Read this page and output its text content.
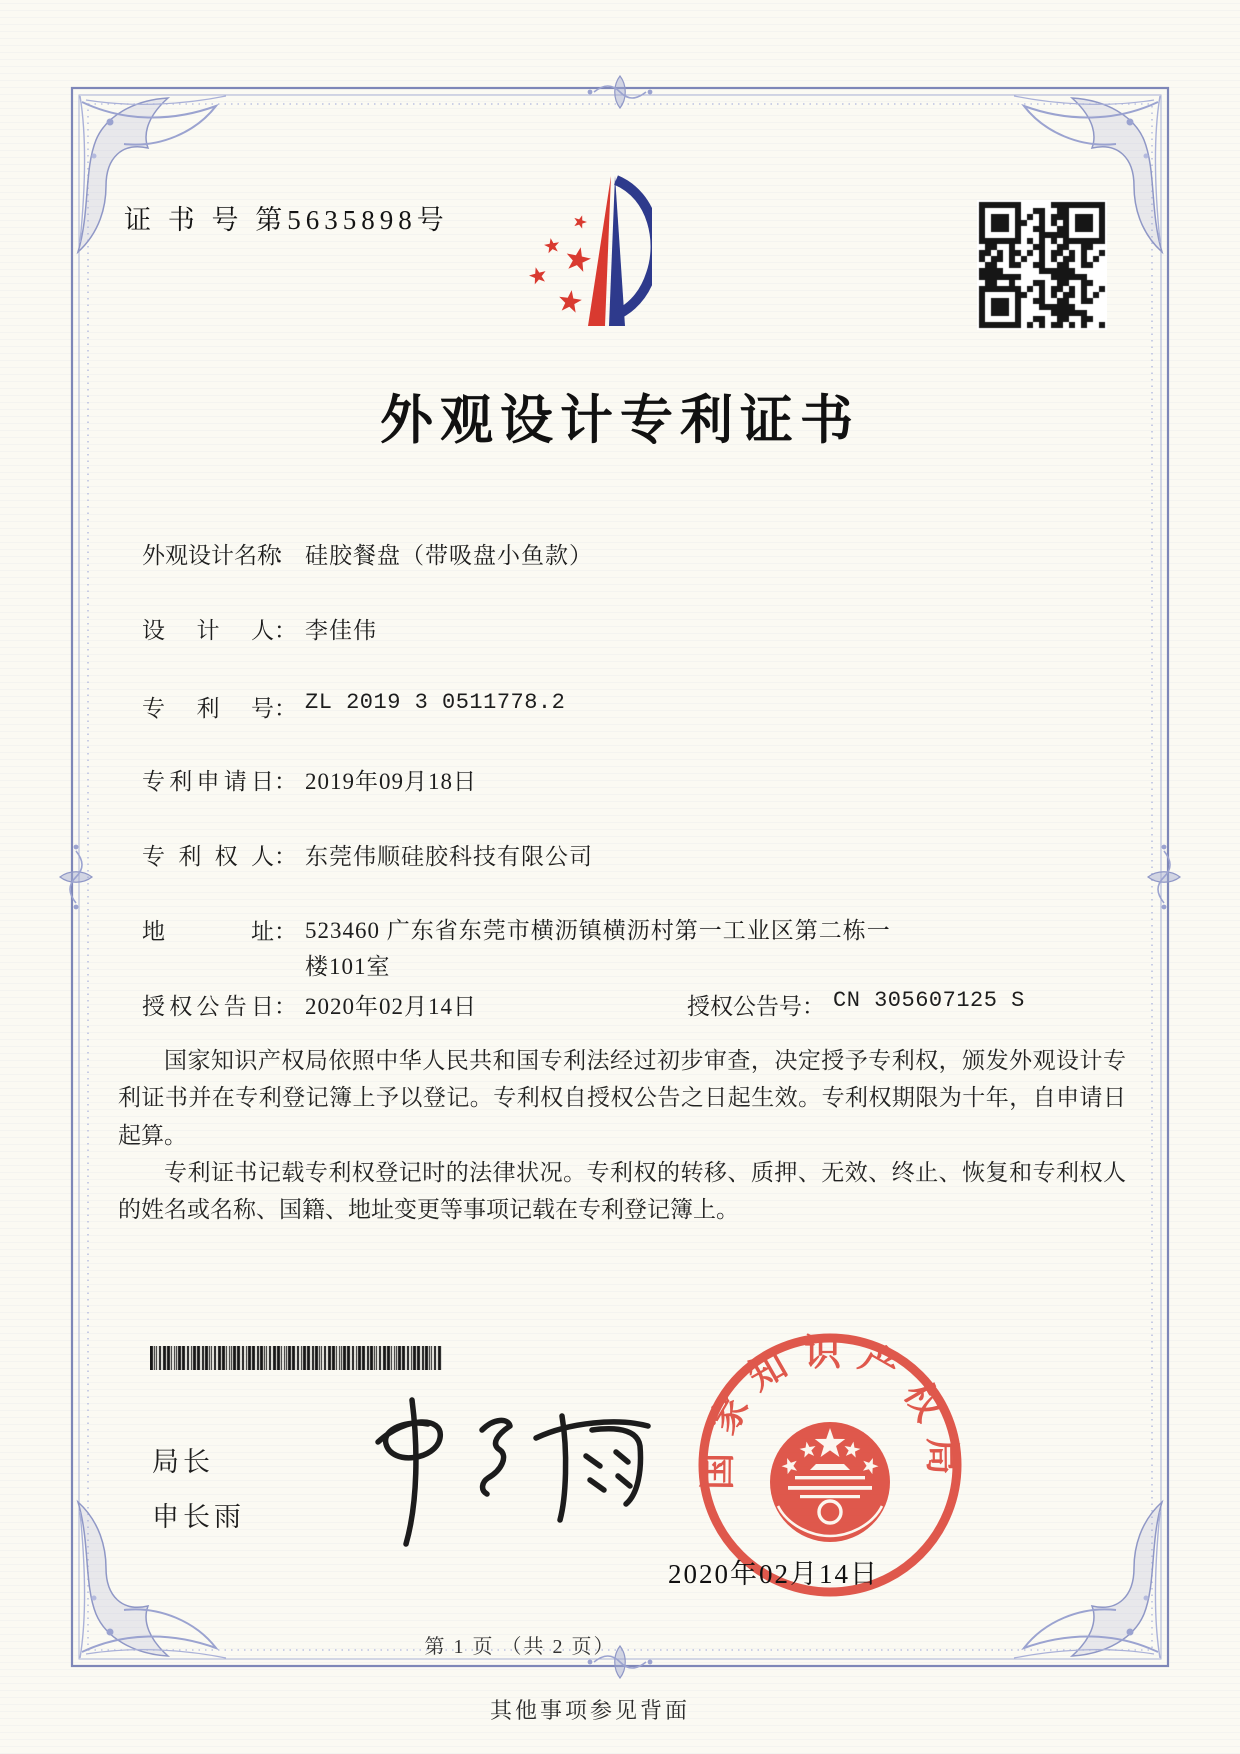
证 书 号 第5635898号
外观设计专利证书
外观设计名称： 硅胶餐盘（带吸盘小鱼款）
设计人： 李佳伟
专利号： ZL 2019 3 0511778.2
专利申请日： 2019年09月18日
专利权人： 东莞伟顺硅胶科技有限公司
地址： 523460 广东省东莞市横沥镇横沥村第一工业区第二栋一楼101室
授权公告日： 2020年02月14日	授权公告号： CN 305607125 S

国家知识产权局依照中华人民共和国专利法经过初步审查，决定授予专利权，颁发外观设计专利证书并在专利登记簿上予以登记。专利权自授权公告之日起生效。专利权期限为十年，自申请日起算。

专利证书记载专利权登记时的法律状况。专利权的转移、质押、无效、终止、恢复和专利权人的姓名或名称、国籍、地址变更等事项记载在专利登记簿上。

局长
申长雨
国家知识产权局
2020年02月14日
第 1 页 （共 2 页）
其他事项参见背面
